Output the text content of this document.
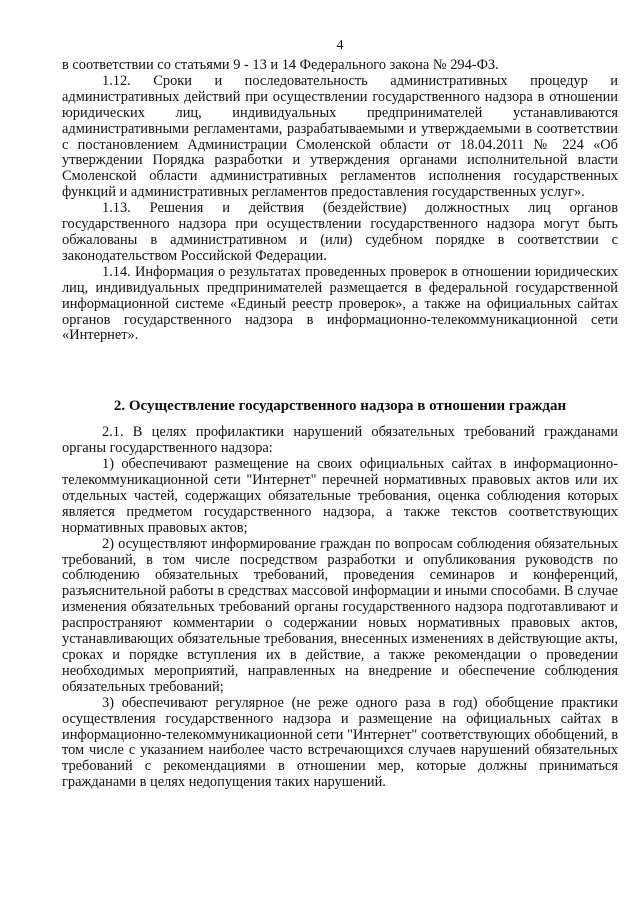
4

в соответствии со статьями 9 - 13 и 14 Федерального закона № 294-ФЗ.

1.12. Сроки и последовательность административных процедур и административных действий при осуществлении государственного надзора в отношении юридических лиц, индивидуальных предпринимателей устанавливаются административными регламентами, разрабатываемыми и утверждаемыми в соответствии с постановлением Администрации Смоленской области от 18.04.2011 № 224 «Об утверждении Порядка разработки и утверждения органами исполнительной власти Смоленской области административных регламентов исполнения государственных функций и административных регламентов предоставления государственных услуг».

1.13. Решения и действия (бездействие) должностных лиц органов государственного надзора при осуществлении государственного надзора могут быть обжалованы в административном и (или) судебном порядке в соответствии с законодательством Российской Федерации.

1.14. Информация о результатах проведенных проверок в отношении юридических лиц, индивидуальных предпринимателей размещается в федеральной государственной информационной системе «Единый реестр проверок», а также на официальных сайтах органов государственного надзора в информационно-телекоммуникационной сети «Интернет».

2. Осуществление государственного надзора в отношении граждан

2.1. В целях профилактики нарушений обязательных требований гражданами органы государственного надзора:

1) обеспечивают размещение на своих официальных сайтах в информационно-телекоммуникационной сети "Интернет" перечней нормативных правовых актов или их отдельных частей, содержащих обязательные требования, оценка соблюдения которых является предметом государственного надзора, а также текстов соответствующих нормативных правовых актов;

2) осуществляют информирование граждан по вопросам соблюдения обязательных требований, в том числе посредством разработки и опубликования руководств по соблюдению обязательных требований, проведения семинаров и конференций, разъяснительной работы в средствах массовой информации и иными способами. В случае изменения обязательных требований органы государственного надзора подготавливают и распространяют комментарии о содержании новых нормативных правовых актов, устанавливающих обязательные требования, внесенных изменениях в действующие акты, сроках и порядке вступления их в действие, а также рекомендации о проведении необходимых мероприятий, направленных на внедрение и обеспечение соблюдения обязательных требований;

3) обеспечивают регулярное (не реже одного раза в год) обобщение практики осуществления государственного надзора и размещение на официальных сайтах в информационно-телекоммуникационной сети "Интернет" соответствующих обобщений, в том числе с указанием наиболее часто встречающихся случаев нарушений обязательных требований с рекомендациями в отношении мер, которые должны приниматься гражданами в целях недопущения таких нарушений.
